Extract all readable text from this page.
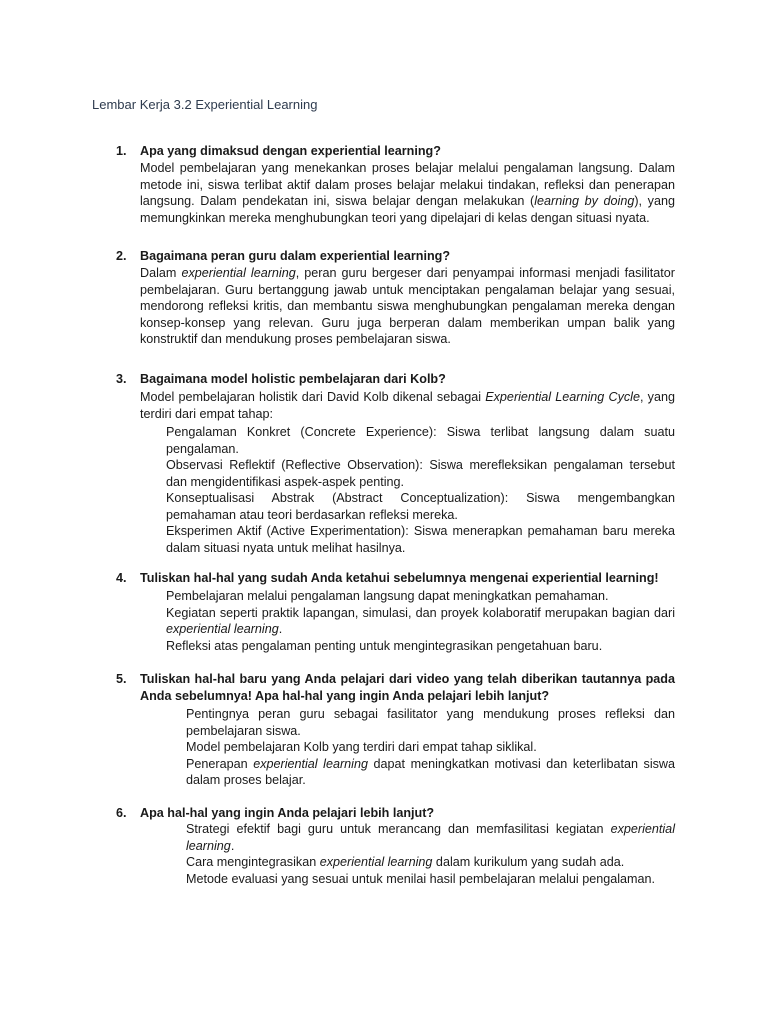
Lembar Kerja 3.2 Experiential Learning
1. Apa yang dimaksud dengan experiential learning?

Model pembelajaran yang menekankan proses belajar melalui pengalaman langsung. Dalam metode ini, siswa terlibat aktif dalam proses belajar melakui tindakan, refleksi dan penerapan langsung. Dalam pendekatan ini, siswa belajar dengan melakukan (learning by doing), yang memungkinkan mereka menghubungkan teori yang dipelajari di kelas dengan situasi nyata.

2. Bagaimana peran guru dalam experiential learning?

Dalam experiential learning, peran guru bergeser dari penyampai informasi menjadi fasilitator pembelajaran. Guru bertanggung jawab untuk menciptakan pengalaman belajar yang sesuai, mendorong refleksi kritis, dan membantu siswa menghubungkan pengalaman mereka dengan konsep-konsep yang relevan. Guru juga berperan dalam memberikan umpan balik yang konstruktif dan mendukung proses pembelajaran siswa.

3. Bagaimana model holistic pembelajaran dari Kolb?

Model pembelajaran holistik dari David Kolb dikenal sebagai Experiential Learning Cycle, yang terdiri dari empat tahap:

Pengalaman Konkret (Concrete Experience): Siswa terlibat langsung dalam suatu pengalaman.

Observasi Reflektif (Reflective Observation): Siswa merefleksikan pengalaman tersebut dan mengidentifikasi aspek-aspek penting.

Konseptualisasi Abstrak (Abstract Conceptualization): Siswa mengembangkan pemahaman atau teori berdasarkan refleksi mereka.

Eksperimen Aktif (Active Experimentation): Siswa menerapkan pemahaman baru mereka dalam situasi nyata untuk melihat hasilnya.

4. Tuliskan hal-hal yang sudah Anda ketahui sebelumnya mengenai experiential learning!

Pembelajaran melalui pengalaman langsung dapat meningkatkan pemahaman.

Kegiatan seperti praktik lapangan, simulasi, dan proyek kolaboratif merupakan bagian dari experiential learning.

Refleksi atas pengalaman penting untuk mengintegrasikan pengetahuan baru.

5. Tuliskan hal-hal baru yang Anda pelajari dari video yang telah diberikan tautannya pada Anda sebelumnya! Apa hal-hal yang ingin Anda pelajari lebih lanjut?

Pentingnya peran guru sebagai fasilitator yang mendukung proses refleksi dan pembelajaran siswa.

Model pembelajaran Kolb yang terdiri dari empat tahap siklikal.

Penerapan experiential learning dapat meningkatkan motivasi dan keterlibatan siswa dalam proses belajar.

6. Apa hal-hal yang ingin Anda pelajari lebih lanjut?

Strategi efektif bagi guru untuk merancang dan memfasilitasi kegiatan experiential learning.

Cara mengintegrasikan experiential learning dalam kurikulum yang sudah ada.

Metode evaluasi yang sesuai untuk menilai hasil pembelajaran melalui pengalaman.
